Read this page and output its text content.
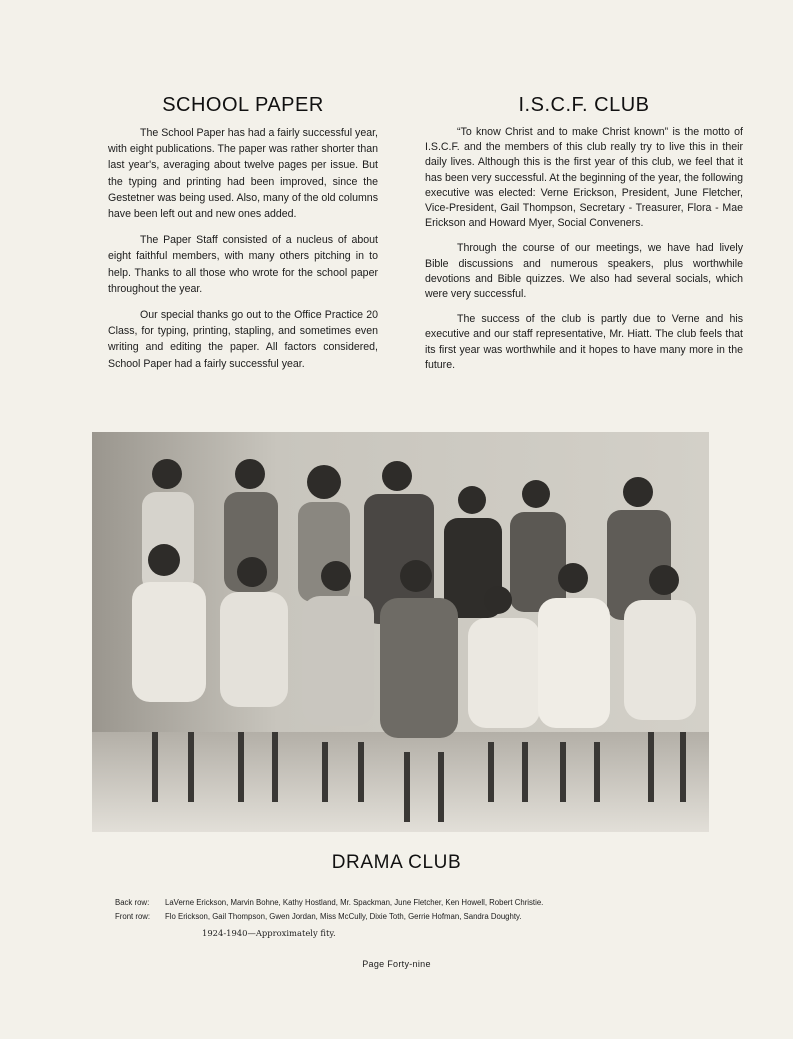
SCHOOL PAPER

The School Paper has had a fairly successful year, with eight publications. The paper was rather shorter than last year's, averaging about twelve pages per issue. But the typing and printing had been improved, since the Gestetner was being used. Also, many of the old columns have been left out and new ones added.

The Paper Staff consisted of a nucleus of about eight faithful members, with many others pitching in to help. Thanks to all those who wrote for the school paper throughout the year.

Our special thanks go out to the Office Practice 20 Class, for typing, printing, stapling, and sometimes even writing and editing the paper. All factors considered, School Paper had a fairly successful year.

I.S.C.F. CLUB

“To know Christ and to make Christ known” is the motto of I.S.C.F. and the members of this club really try to live this in their daily lives. Although this is the first year of this club, we feel that it has been very successful. At the beginning of the year, the following executive was elected: Verne Erickson, President, June Fletcher, Vice-President, Gail Thompson, Secretary - Treasurer, Flora - Mae Erickson and Howard Myer, Social Conveners.

Through the course of our meetings, we have had lively Bible discussions and numerous speakers, plus worthwhile devotions and Bible quizzes. We also had several socials, which were very successful.

The success of the club is partly due to Verne and his executive and our staff representative, Mr. Hiatt. The club feels that its first year was worthwhile and it hopes to have many more in the future.

DRAMA CLUB
Back row: LaVerne Erickson, Marvin Bohne, Kathy Hostland, Mr. Spackman, June Fletcher, Ken Howell, Robert Christie.
Front row: Flo Erickson, Gail Thompson, Gwen Jordan, Miss McCully, Dixie Toth, Gerrie Hofman, Sandra Doughty.
1924-1940—Approximately fity.
Page Forty-nine
